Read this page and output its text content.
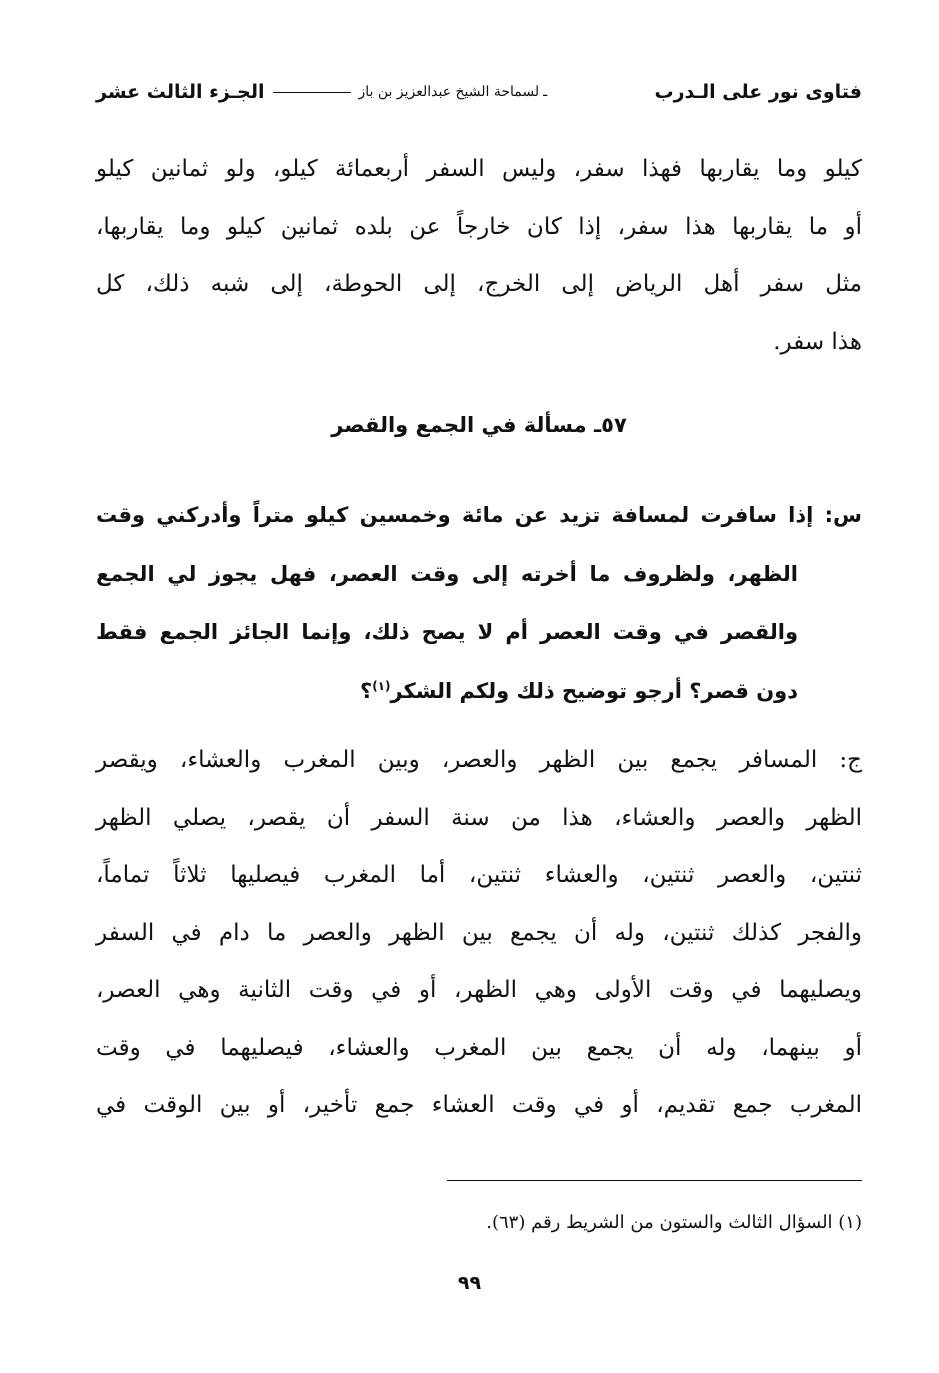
فتاوى نور على الـدرب
ـ
لسماحة الشيخ عبدالعزيز بن باز
الجـزء الثالث عشر
كيلو وما يقاربها فهذا سفر، وليس السفر أربعمائة كيلو، ولو ثمانين كيلو
أو ما يقاربها هذا سفر، إذا كان خارجاً عن بلده ثمانين كيلو وما يقاربها،
مثل سفر أهل الرياض إلى الخرج، إلى الحوطة، إلى شبه ذلك، كل
هذا سفر.
٥٧ـ مسألة في الجمع والقصر
س: إذا سافرت لمسافة تزيد عن مائة وخمسين كيلو متراً وأدركني وقت
الظهر، ولظروف ما أخرته إلى وقت العصر، فهل يجوز لي الجمع
والقصر في وقت العصر أم لا يصح ذلك، وإنما الجائز الجمع فقط
دون قصر؟ أرجو توضيح ذلك ولكم الشكر$^{(١)}$؟
ج: المسافر يجمع بين الظهر والعصر، وبين المغرب والعشاء، ويقصر
الظهر والعصر والعشاء، هذا من سنة السفر أن يقصر، يصلي الظهر
ثنتين، والعصر ثنتين، والعشاء ثنتين، أما المغرب فيصليها ثلاثاً تماماً،
والفجر كذلك ثنتين، وله أن يجمع بين الظهر والعصر ما دام في السفر
ويصليهما في وقت الأولى وهي الظهر، أو في وقت الثانية وهي العصر،
أو بينهما، وله أن يجمع بين المغرب والعشاء، فيصليهما في وقت
المغرب جمع تقديم، أو في وقت العشاء جمع تأخير، أو بين الوقت في
(١) السؤال الثالث والستون من الشريط رقم (٦٣).
٩٩
